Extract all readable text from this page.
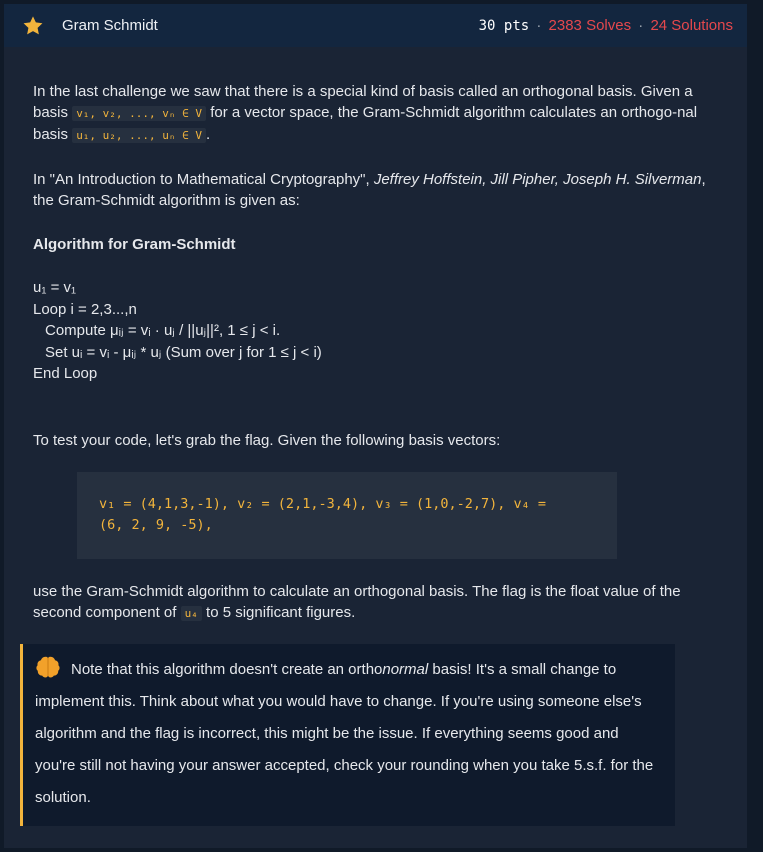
Gram Schmidt	30 pts · 2383 Solves · 24 Solutions

In the last challenge we saw that there is a special kind of basis called an orthogonal basis. Given a basis v₁, v₂, ..., vₙ ∈ V for a vector space, the Gram-Schmidt algorithm calculates an orthogo-nal basis u₁, u₂, ..., uₙ ∈ V .

In "An Introduction to Mathematical Cryptography", Jeffrey Hoffstein, Jill Pipher, Joseph H. Silverman, the Gram-Schmidt algorithm is given as:

Algorithm for Gram-Schmidt
u₁ = v₁
Loop i = 2,3...,n
Compute μᵢⱼ = vᵢ · uⱼ / ||uⱼ||², 1 ≤ j < i.
Set uᵢ = vᵢ - μᵢⱼ * uⱼ (Sum over j for 1 ≤ j < i)
End Loop

To test your code, let's grab the flag. Given the following basis vectors:

v₁ = (4,1,3,-1), v₂ = (2,1,-3,4), v₃ = (1,0,-2,7), v₄ =
(6, 2, 9, -5),

use the Gram-Schmidt algorithm to calculate an orthogonal basis. The flag is the float value of the second component of u₄ to 5 significant figures.

Note that this algorithm doesn't create an orthonormal basis! It's a small change to implement this. Think about what you would have to change. If you're using someone else's algorithm and the flag is incorrect, this might be the issue. If everything seems good and you're still not having your answer accepted, check your rounding when you take 5.s.f. for the solution.
